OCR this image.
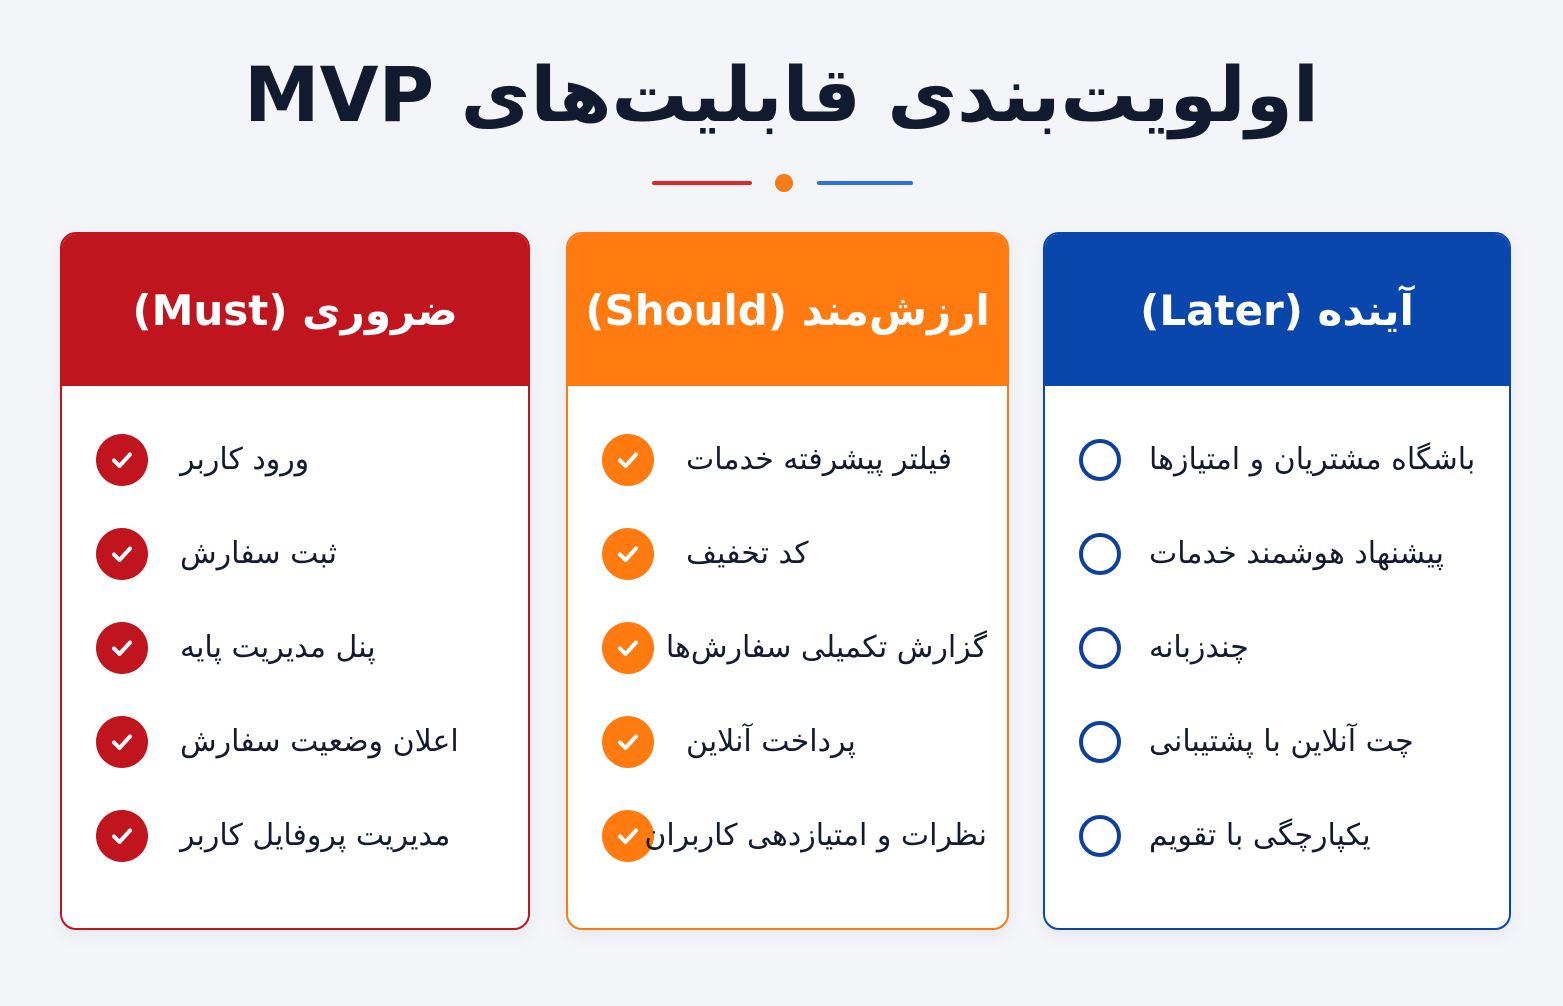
اولویت‌بندی قابلیت‌های MVP
ضروری (Must)
ورود کاربر
ثبت سفارش
پنل مدیریت پایه
اعلان وضعیت سفارش
مدیریت پروفایل کاربر
ارزش‌مند (Should)
فیلتر پیشرفته خدمات
کد تخفیف
گزارش تکمیلی سفارش‌ها
پرداخت آنلاین
نظرات و امتیازدهی کاربران
آینده (Later)
باشگاه مشتریان و امتیازها
پیشنهاد هوشمند خدمات
چندزبانه
چت آنلاین با پشتیبانی
یکپارچگی با تقویم
